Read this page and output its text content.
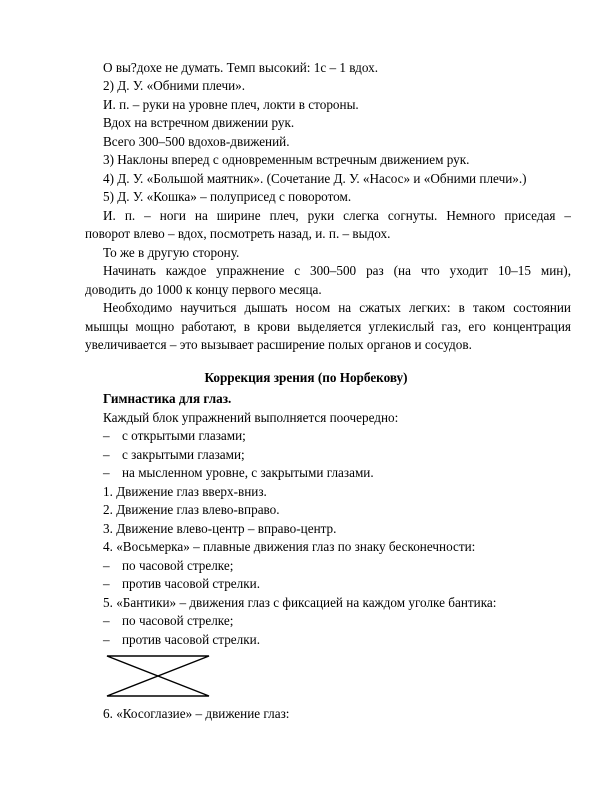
О вы?дохе не думать. Темп высокий: 1с – 1 вдох.
2) Д. У. «Обними плечи».
И. п. – руки на уровне плеч, локти в стороны.
Вдох на встречном движении рук.
Всего 300–500 вдохов-движений.
3) Наклоны вперед с одновременным встречным движением рук.
4) Д. У. «Большой маятник». (Сочетание Д. У. «Насос» и «Обними плечи».)
5) Д. У. «Кошка» – полуприсед с поворотом.
И. п. – ноги на ширине плеч, руки слегка согнуты. Немного приседая –
поворот влево – вдох, посмотреть назад, и. п. – выдох.
То же в другую сторону.
Начинать каждое упражнение с 300–500 раз (на что уходит 10–15 мин),
доводить до 1000 к концу первого месяца.
Необходимо научиться дышать носом на сжатых легких: в таком состоянии
мышцы мощно работают, в крови выделяется углекислый газ, его концентрация
увеличивается – это вызывает расширение полых органов и сосудов.
Коррекция зрения (по Норбекову)
Гимнастика для глаз.
Каждый блок упражнений выполняется поочередно:
– с открытыми глазами;
– с закрытыми глазами;
– на мысленном уровне, с закрытыми глазами.
1. Движение глаз вверх-вниз.
2. Движение глаз влево-вправо.
3. Движение влево-центр – вправо-центр.
4. «Восьмерка» – плавные движения глаз по знаку бесконечности:
– по часовой стрелке;
– против часовой стрелки.
5. «Бантики» – движения глаз с фиксацией на каждом уголке бантика:
– по часовой стрелке;
– против часовой стрелки.
6. «Косоглазие» – движение глаз:
